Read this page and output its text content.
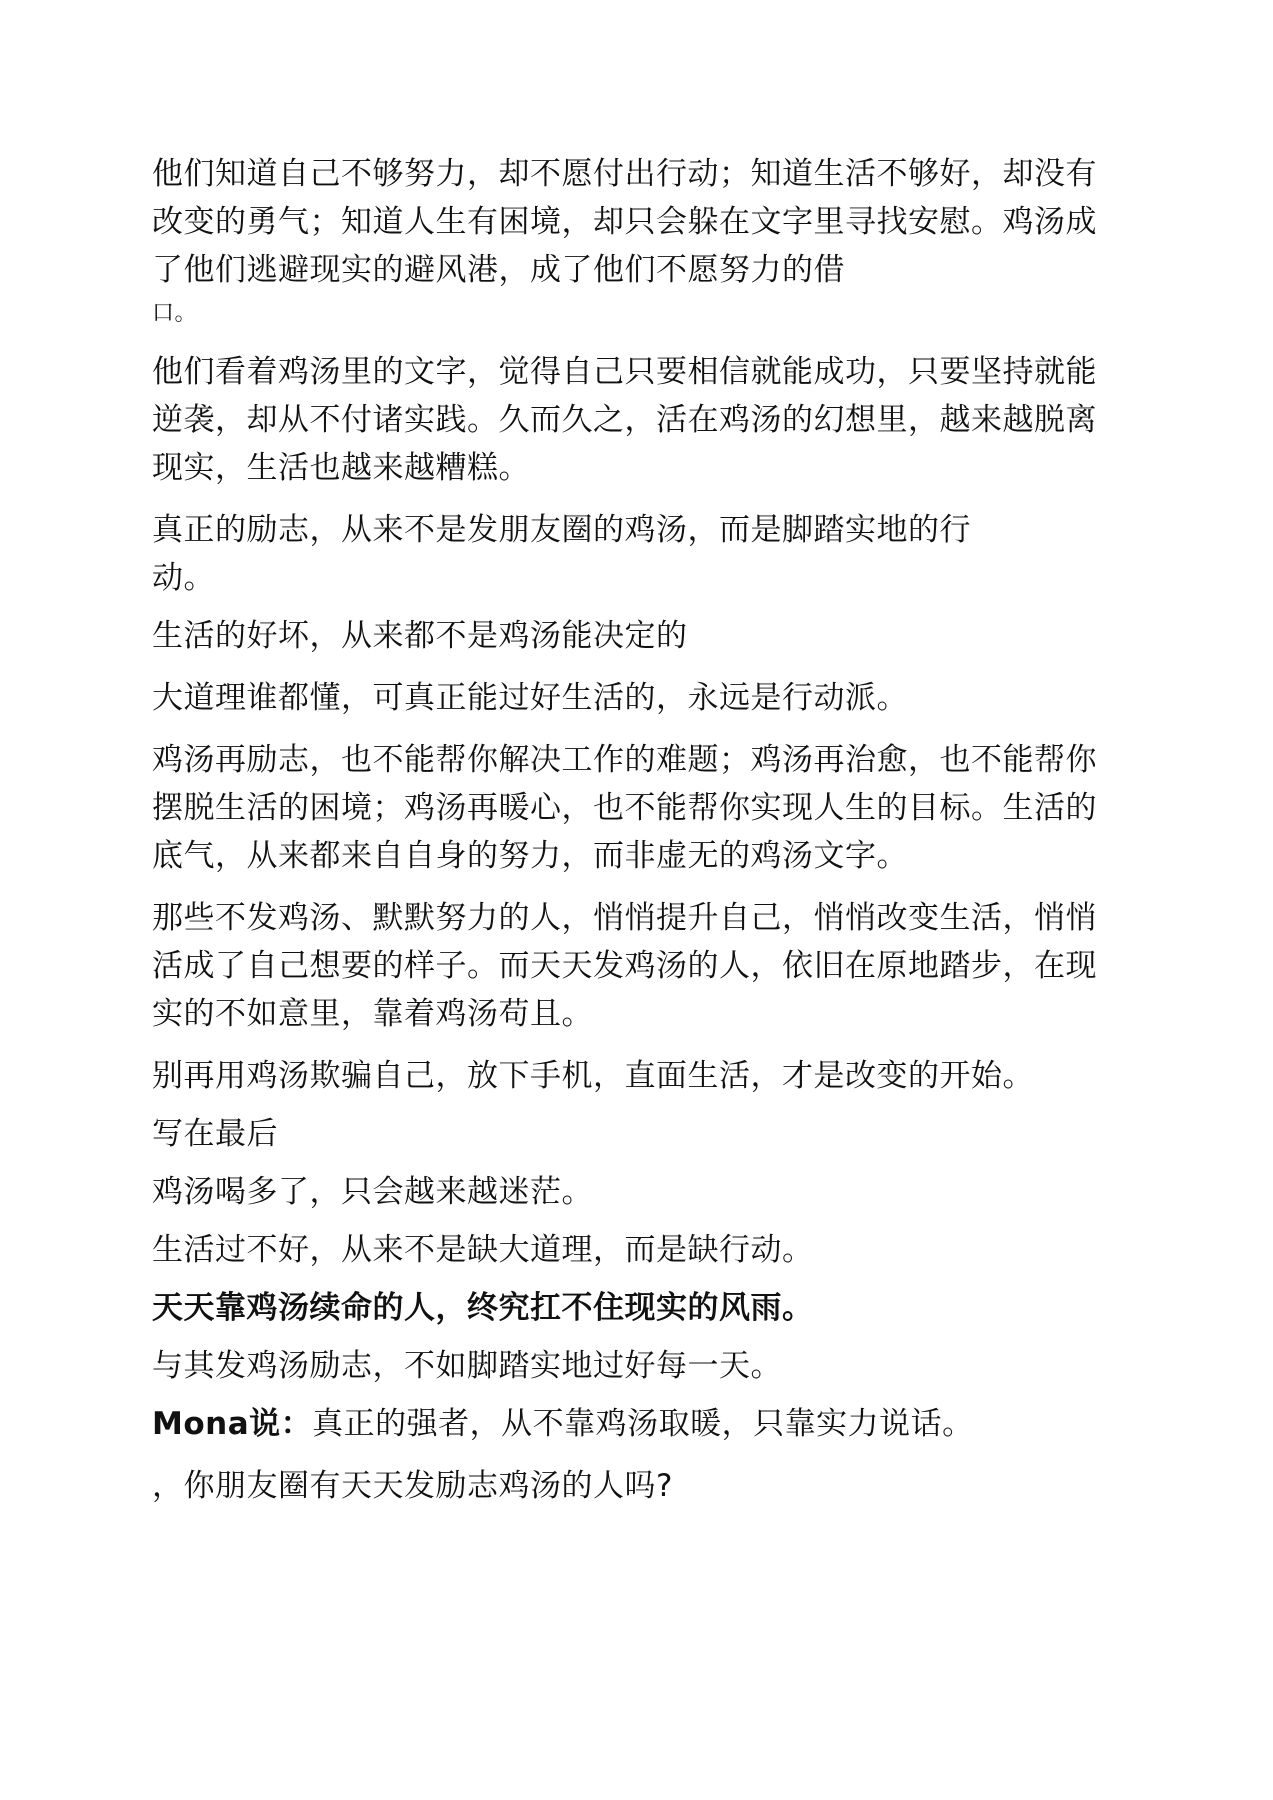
他们知道自己不够努力，却不愿付出行动；知道生活不够好，却没有改变的勇气；知道人生有困境，却只会躲在文字里寻找安慰。鸡汤成了他们逃避现实的避风港，成了他们不愿努力的借
口。

他们看着鸡汤里的文字，觉得自己只要相信就能成功，只要坚持就能逆袭，却从不付诸实践。久而久之，活在鸡汤的幻想里，越来越脱离现实，生活也越来越糟糕。

真正的励志，从来不是发朋友圈的鸡汤，而是脚踏实地的行
动。

生活的好坏，从来都不是鸡汤能决定的

大道理谁都懂，可真正能过好生活的，永远是行动派。

鸡汤再励志，也不能帮你解决工作的难题；鸡汤再治愈，也不能帮你摆脱生活的困境；鸡汤再暖心，也不能帮你实现人生的目标。生活的底气，从来都来自自身的努力，而非虚无的鸡汤文字。

那些不发鸡汤、默默努力的人，悄悄提升自己，悄悄改变生活，悄悄活成了自己想要的样子。而天天发鸡汤的人，依旧在原地踏步，在现实的不如意里，靠着鸡汤苟且。

别再用鸡汤欺骗自己，放下手机，直面生活，才是改变的开始。

写在最后

鸡汤喝多了，只会越来越迷茫。

生活过不好，从来不是缺大道理，而是缺行动。

天天靠鸡汤续命的人，终究扛不住现实的风雨。

与其发鸡汤励志，不如脚踏实地过好每一天。

Mona说：真正的强者，从不靠鸡汤取暖，只靠实力说话。

，你朋友圈有天天发励志鸡汤的人吗?
